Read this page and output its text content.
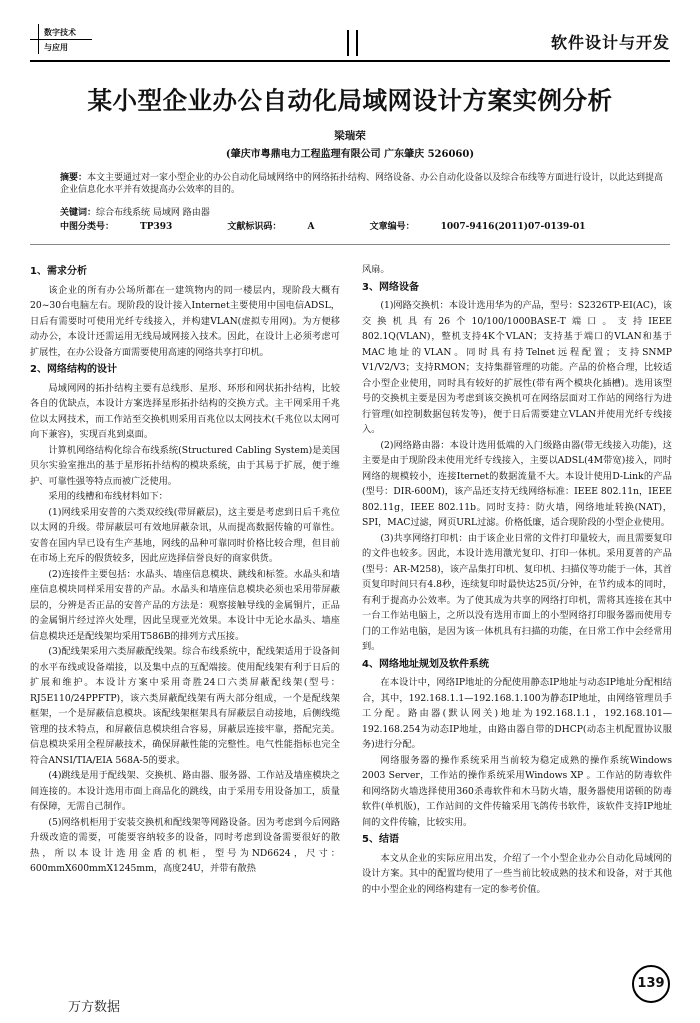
数字技术
与应用	软件设计与开发
某小型企业办公自动化局域网设计方案实例分析
梁瑞荣
(肇庆市粤鼎电力工程监理有限公司 广东肇庆 526060)
摘要：本文主要通过对一家小型企业的办公自动化局域网络中的网络拓扑结构、网络设备、办公自动化设备以及综合布线等方面进行设计，以此达到提高企业信息化水平并有效提高办公效率的目的。
关键词：综合布线系统 局域网 路由器
中图分类号：	TP393	文献标识码：	A	文章编号：	1007-9416(2011)07-0139-01
1、需求分析

该企业的所有办公场所都在一建筑物内的同一楼层内，现阶段大概有20~30台电脑左右。现阶段的设计接入Internet主要使用中国电信ADSL，日后有需要时可使用光纤专线接入，并构建VLAN(虚拟专用网)。为方便移动办公，本设计还需运用无线局域网接入技术。因此，在设计上必须考虑可扩展性，在办公设备方面需要使用高速的网络共享打印机。

2、网络结构的设计

局域网网的拓扑结构主要有总线形、星形、环形和网状拓扑结构，比较各自的优缺点，本设计方案选择星形拓扑结构的交换方式。主干网采用千兆位以太网技术，而工作站至交换机则采用百兆位以太网技术(千兆位以太网可向下兼容)，实现百兆到桌面。

计算机网络结构化综合布线系统(Structured Cabling System)是美国贝尔实验室推出的基于星形拓扑结构的模块系统，由于其易于扩展，便于维护、可靠性强等特点而被广泛使用。

采用的线槽和布线材料如下：

(1)网线采用安普的六类双绞线(带屏蔽层)，这主要是考虑到日后千兆位以太网的升级。带屏蔽层可有效地屏蔽杂讯，从而提高数据传输的可靠性。安普在国内早已设有生产基地，网线的品种可靠同时价格比较合理，但目前在市场上充斥的假货较多，因此应选择信誉良好的商家供货。

(2)连接件主要包括：水晶头、墙座信息模块、跳线和标签。水晶头和墙座信息模块同样采用安普的产品。水晶头和墙座信息模块必须也采用带屏蔽层的，分辨是否正品的安普产品的方法是：观察接触导线的金属铜片，正品的金属铜片经过淬火处理，因此呈现亚光效果。本设计中无论水晶头、墙座信息模块还是配线架均采用T586B的排列方式压接。

(3)配线架采用六类屏蔽配线架。综合布线系统中，配线架适用于设备间的水平布线或设备端接，以及集中点的互配端接。使用配线架有利于日后的扩展和维护。本设计方案中采用奇胜24口六类屏蔽配线架(型号：RJ5E110/24PPFTP)，该六类屏蔽配线架有两大部分组成，一个是配线架框架，一个是屏蔽信息模块。该配线架框架具有屏蔽层自动接地，后侧线缆管理的技术特点，和屏蔽信息模块组合容易，屏蔽层连接牢靠，搭配完美。信息模块采用全程屏蔽技术，确保屏蔽性能的完整性。电气性能指标也完全符合ANSI/TIA/EIA 568A-5的要求。

(4)跳线是用于配线架、交换机、路由器、服务器、工作站及墙座模块之间连接的。本设计选用市面上商品化的跳线，由于采用专用设备加工，质量有保障，无需自己制作。

(5)网络机柜用于安装交换机和配线架等网路设备。因为考虑到今后网路升级改造的需要，可能要容纳较多的设备，同时考虑到设备需要很好的散热，所以本设计选用金盾的机柜，型号为ND6624，尺寸：600mmX600mmX1245mm，高度24U，并带有散热

风扇。

3、网络设备

(1)网路交换机：本设计选用华为的产品，型号：S2326TP-EI(AC)，该交换机具有26个10/100/1000BASE-T端口。支持IEEE 802.1Q(VLAN)，整机支持4K个VLAN；支持基于端口的VLAN和基于MAC地址的VLAN。同时具有持Telnet远程配置；支持SNMP V1/V2/V3；支持RMON；支持集群管理的功能。产品的价格合理，比较适合小型企业使用，同时具有较好的扩展性(带有两个模块化插槽)。选用该型号的交换机主要是因为考虑到该交换机可在网络层面对工作站的网络行为进行管理(如控制数据包转发等)，便于日后需要建立VLAN并使用光纤专线接入。

(2)网络路由器：本设计选用低端的入门级路由器(带无线接入功能)，这主要是由于现阶段未使用光纤专线接入，主要以ADSL(4M带宽)接入，同时网络的规模较小，连接Iternet的数据流量不大。本设计使用D-Link的产品(型号：DIR-600M)，该产品还支持无线网络标准：IEEE 802.11n，IEEE 802.11g，IEEE 802.11b。同时支持：防火墙，网络地址转换(NAT)，SPI，MAC过滤，网页URL过滤。价格低廉，适合现阶段的小型企业使用。

(3)共享网络打印机：由于该企业日常的文件打印量较大，而且需要复印的文件也较多。因此，本设计选用激光复印、打印一体机。采用夏普的产品(型号：AR-M258)，该产品集打印机、复印机、扫描仪等功能于一体，其首页复印时间只有4.8秒，连续复印时最快达25页/分钟，在节约成本的同时，有利于提高办公效率。为了使其成为共享的网络打印机，需将其连接在其中一台工作站电脑上，之所以没有选用市面上的小型网络打印服务器而使用专门的工作站电脑，是因为该一体机具有扫描的功能，在日常工作中会经常用到。

4、网络地址规划及软件系统

在本设计中，网络IP地址的分配使用静态IP地址与动态IP地址分配相结合，其中，192.168.1.1—192.168.1.100为静态IP地址，由网络管理员手工分配。路由器(默认网关)地址为192.168.1.1，192.168.101—192.168.254为动态IP地址，由路由器自带的DHCP(动态主机配置协议服务)进行分配。

网络服务器的操作系统采用当前较为稳定成熟的操作系统Windows 2003 Server，工作站的操作系统采用Windows XP 。工作站的防毒软件和网络防火墙选择使用360杀毒软件和木马防火墙，服务器使用诺顿的防毒软件(单机版)，工作站间的文件传输采用飞鸽传书软件，该软件支持IP地址间的文件传输，比较实用。

5、结语

本文从企业的实际应用出发，介绍了一个小型企业办公自动化局域网的设计方案。其中的配置均使用了一些当前比较成熟的技术和设备，对于其他的中小型企业的网络构建有一定的参考价值。

139
万方数据
